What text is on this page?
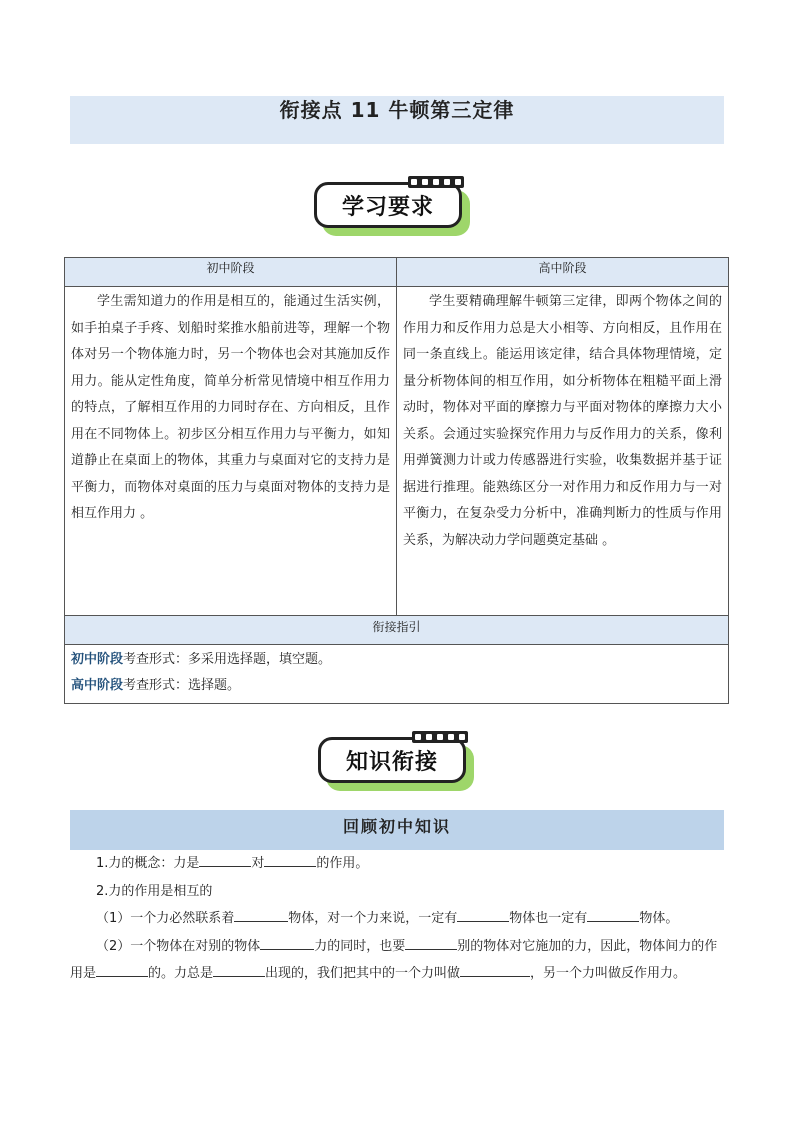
衔接点 11 牛顿第三定律
学习要求
初中阶段	高中阶段

学生需知道力的作用是相互的，能通过生活实例，如手拍桌子手疼、划船时桨推水船前进等，理解一个物体对另一个物体施力时，另一个物体也会对其施加反作用力。能从定性角度，简单分析常见情境中相互作用力的特点，了解相互作用的力同时存在、方向相反，且作用在不同物体上。初步区分相互作用力与平衡力，如知道静止在桌面上的物体，其重力与桌面对它的支持力是平衡力，而物体对桌面的压力与桌面对物体的支持力是相互作用力 。	学生要精确理解牛顿第三定律，即两个物体之间的作用力和反作用力总是大小相等、方向相反，且作用在同一条直线上。能运用该定律，结合具体物理情境，定量分析物体间的相互作用，如分析物体在粗糙平面上滑动时，物体对平面的摩擦力与平面对物体的摩擦力大小关系。会通过实验探究作用力与反作用力的关系，像利用弹簧测力计或力传感器进行实验，收集数据并基于证据进行推理。能熟练区分一对作用力和反作用力与一对平衡力，在复杂受力分析中，准确判断力的性质与作用关系，为解决动力学问题奠定基础 。

衔接指引	

初中阶段考查形式：多采用选择题，填空题。
高中阶段考查形式：选择题。	
知识衔接
回顾初中知识

1.力的概念：力是	对	的作用。

2.力的作用是相互的

（1）一个力必然联系着	物体，对一个力来说，一定有	物体也一定有	物体。

（2）一个物体在对别的物体	力的同时，也要	别的物体对它施加的力，因此，物体间力的作用是	的。力总是	出现的，我们把其中的一个力叫做	，另一个力叫做反作用力。
